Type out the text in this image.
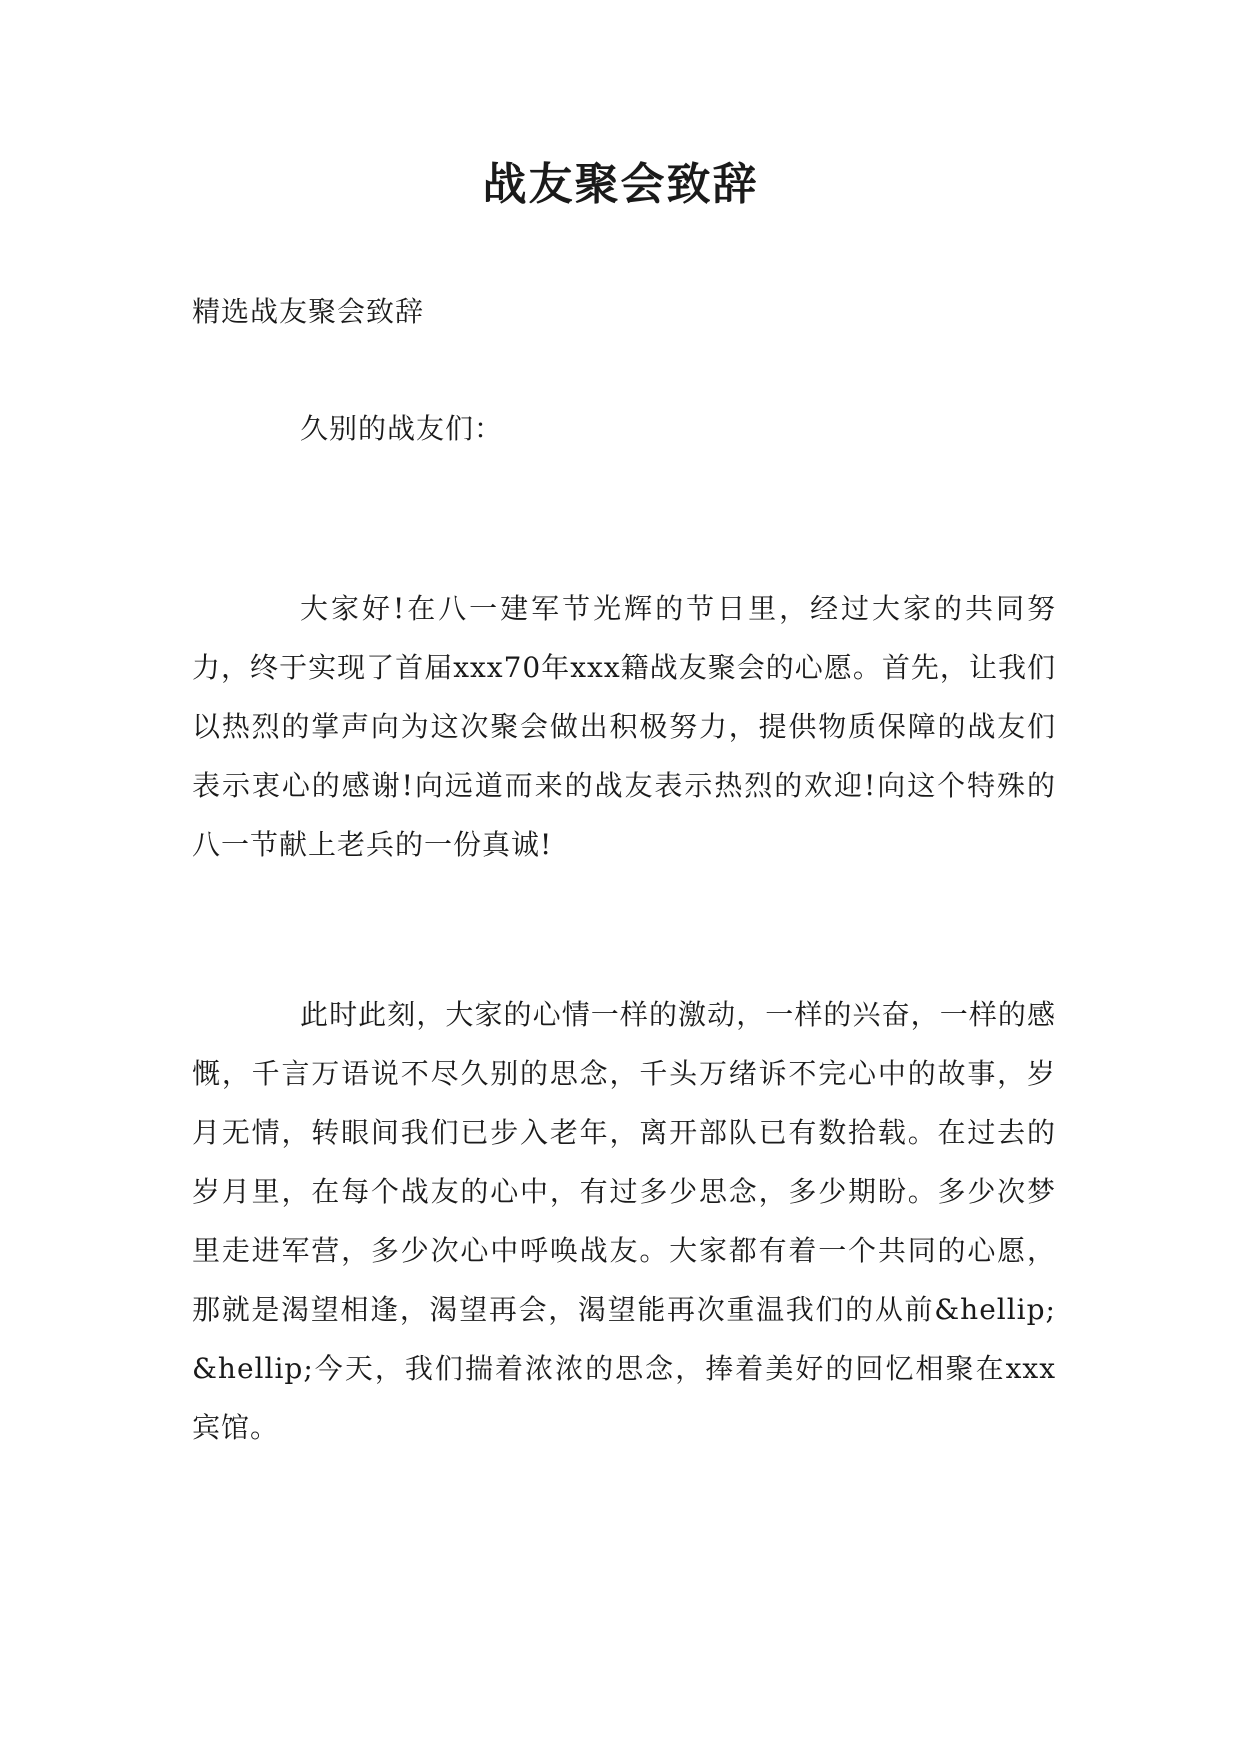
战友聚会致辞

精选战友聚会致辞

久别的战友们：

大家好!在八一建军节光辉的节日里，经过大家的共同努力，终于实现了首届xxx70年xxx籍战友聚会的心愿。首先，让我们以热烈的掌声向为这次聚会做出积极努力，提供物质保障的战友们表示衷心的感谢!向远道而来的战友表示热烈的欢迎!向这个特殊的八一节献上老兵的一份真诚!

此时此刻，大家的心情一样的激动，一样的兴奋，一样的感慨，千言万语说不尽久别的思念，千头万绪诉不完心中的故事，岁月无情，转眼间我们已步入老年，离开部队已有数拾载。在过去的岁月里，在每个战友的心中，有过多少思念，多少期盼。多少次梦里走进军营，多少次心中呼唤战友。大家都有着一个共同的心愿，那就是渴望相逢，渴望再会，渴望能再次重温我们的从前&hellip;&hellip;今天，我们揣着浓浓的思念，捧着美好的回忆相聚在xxx宾馆。
